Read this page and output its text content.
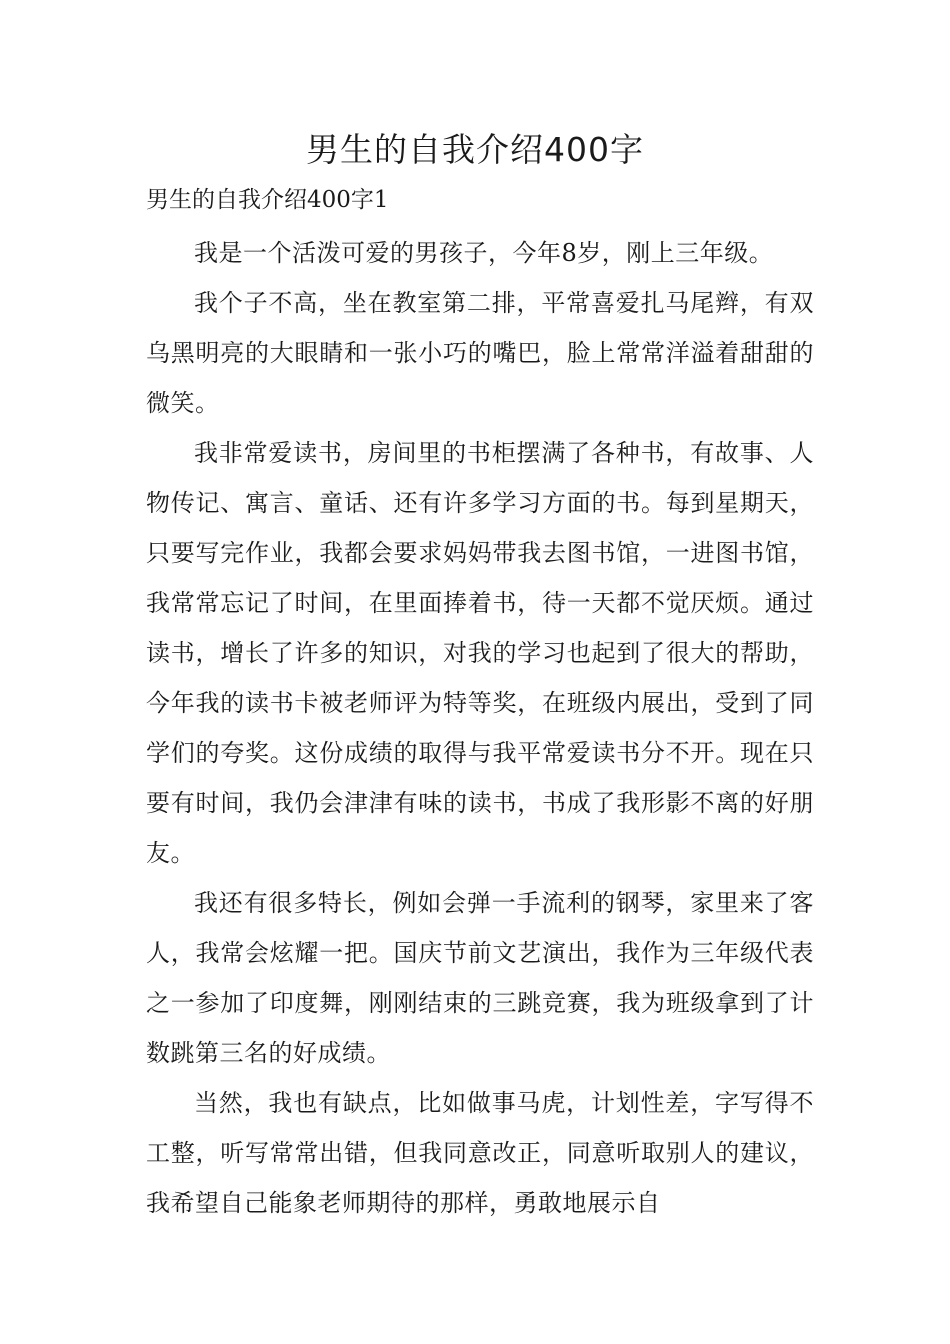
男生的自我介绍400字

男生的自我介绍400字1

我是一个活泼可爱的男孩子，今年8岁，刚上三年级。

我个子不高，坐在教室第二排，平常喜爱扎马尾辫，有双乌黑明亮的大眼睛和一张小巧的嘴巴，脸上常常洋溢着甜甜的微笑。

我非常爱读书，房间里的书柜摆满了各种书，有故事、人物传记、寓言、童话、还有许多学习方面的书。每到星期天，只要写完作业，我都会要求妈妈带我去图书馆，一进图书馆，我常常忘记了时间，在里面捧着书，待一天都不觉厌烦。通过读书，增长了许多的知识，对我的学习也起到了很大的帮助，今年我的读书卡被老师评为特等奖，在班级内展出，受到了同学们的夸奖。这份成绩的取得与我平常爱读书分不开。现在只要有时间，我仍会津津有味的读书，书成了我形影不离的好朋友。

我还有很多特长，例如会弹一手流利的钢琴，家里来了客人，我常会炫耀一把。国庆节前文艺演出，我作为三年级代表之一参加了印度舞，刚刚结束的三跳竞赛，我为班级拿到了计数跳第三名的好成绩。

当然，我也有缺点，比如做事马虎，计划性差，字写得不工整，听写常常出错，但我同意改正，同意听取别人的建议，我希望自己能象老师期待的那样，勇敢地展示自
